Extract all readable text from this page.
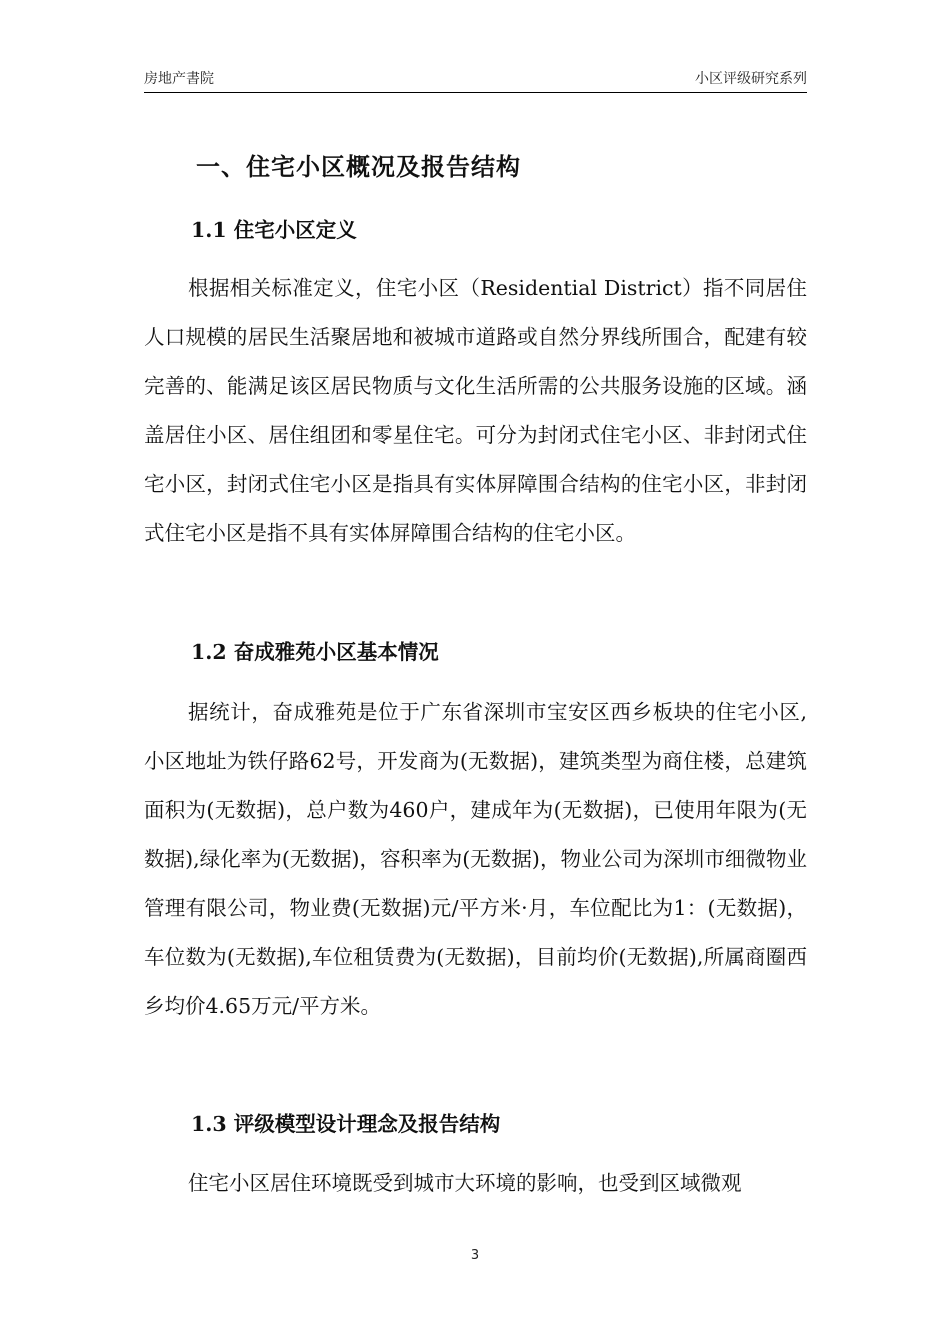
房地产書院	小区评级研究系列
一、住宅小区概况及报告结构
1.1 住宅小区定义
根据相关标准定义，住宅小区（Residential District）指不同居住人口规模的居民生活聚居地和被城市道路或自然分界线所围合，配建有较完善的、能满足该区居民物质与文化生活所需的公共服务设施的区域。涵盖居住小区、居住组团和零星住宅。可分为封闭式住宅小区、非封闭式住宅小区，封闭式住宅小区是指具有实体屏障围合结构的住宅小区，非封闭式住宅小区是指不具有实体屏障围合结构的住宅小区。
1.2 奋成雅苑小区基本情况
据统计，奋成雅苑是位于广东省深圳市宝安区西乡板块的住宅小区,小区地址为铁仔路62号，开发商为(无数据)，建筑类型为商住楼，总建筑面积为(无数据)，总户数为460户，建成年为(无数据)，已使用年限为(无数据),绿化率为(无数据)，容积率为(无数据)，物业公司为深圳市细微物业管理有限公司，物业费(无数据)元/平方米·月，车位配比为1：(无数据)，车位数为(无数据),车位租赁费为(无数据)，目前均价(无数据),所属商圈西乡均价4.65万元/平方米。
1.3 评级模型设计理念及报告结构
住宅小区居住环境既受到城市大环境的影响，也受到区域微观
3
